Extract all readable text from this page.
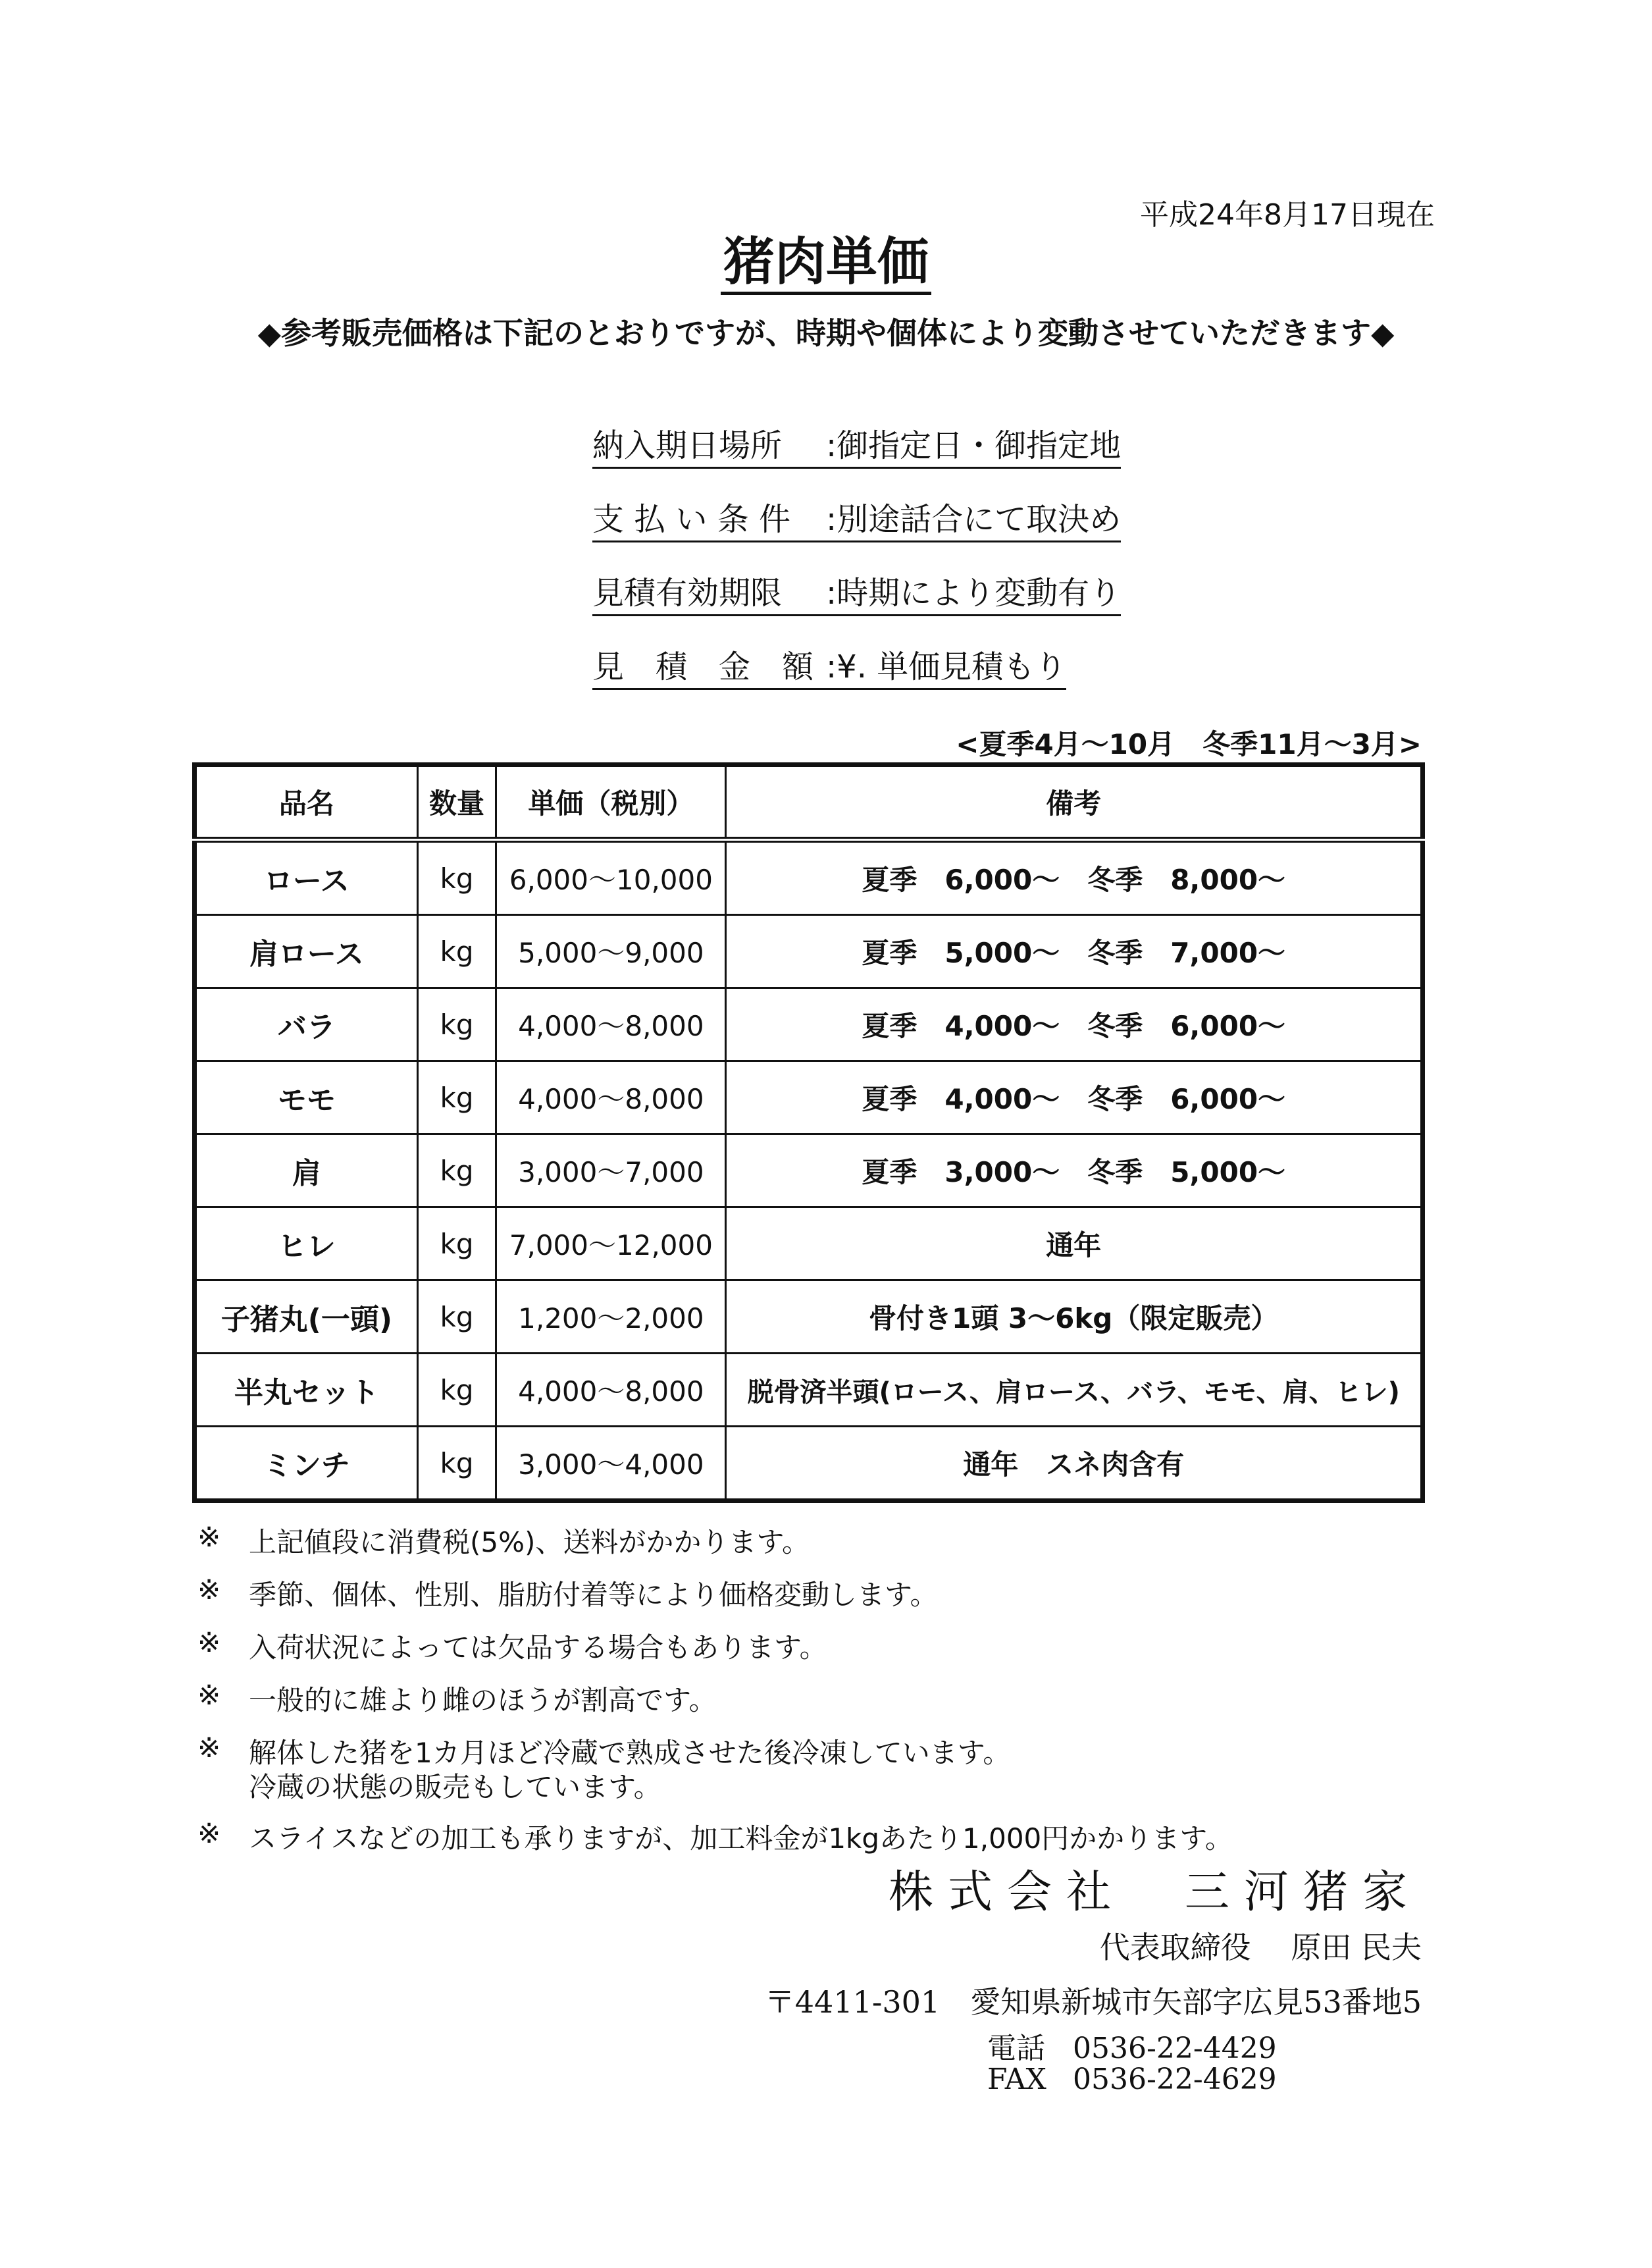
平成24年8月17日現在
猪肉単価
◆参考販売価格は下記のとおりですが、時期や個体により変動させていただきます◆
納入期日場所 :御指定日・御指定地
支 払 い 条 件 :別途話合にて取決め
見積有効期限 :時期により変動有り
見　積　金　額 :¥. 単価見積もり
<夏季4月～10月　冬季11月～3月>
品名	数量	単価（税別）	備考
ロース	kg	6,000～10,000	夏季　6,000～　冬季　8,000～
肩ロース	kg	5,000～9,000	夏季　5,000～　冬季　7,000～
バラ	kg	4,000～8,000	夏季　4,000～　冬季　6,000～
モモ	kg	4,000～8,000	夏季　4,000～　冬季　6,000～
肩	kg	3,000～7,000	夏季　3,000～　冬季　5,000～
ヒレ	kg	7,000～12,000	通年
子猪丸(一頭)	kg	1,200～2,000	骨付き1頭 3～6kg（限定販売）
半丸セット	kg	4,000～8,000	脱骨済半頭(ロース、肩ロース、バラ、モモ、肩、ヒレ)
ミンチ	kg	3,000～4,000	通年　スネ肉含有
※ 上記値段に消費税(5%)、送料がかかります。
※ 季節、個体、性別、脂肪付着等により価格変動します。
※ 入荷状況によっては欠品する場合もあります。
※ 一般的に雄より雌のほうが割高です。
※ 解体した猪を1カ月ほど冷蔵で熟成させた後冷凍しています。
冷蔵の状態の販売もしています。
※ スライスなどの加工も承りますが、加工料金が1kgあたり1,000円かかります。
株式会社　三河猪家
代表取締役　 原田 民夫
〒4411-301　愛知県新城市矢部字広見53番地5
電話 0536-22-4429
FAX 0536-22-4629
